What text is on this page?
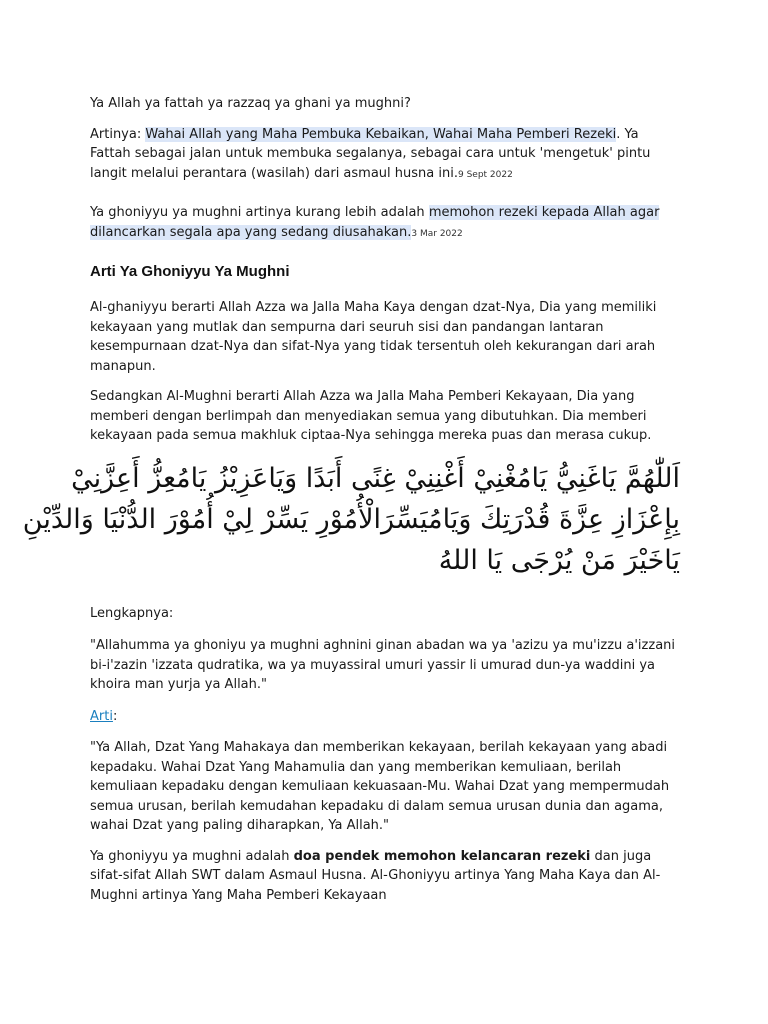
Ya Allah ya fattah ya razzaq ya ghani ya mughni?

Artinya: Wahai Allah yang Maha Pembuka Kebaikan, Wahai Maha Pemberi Rezeki. Ya Fattah sebagai jalan untuk membuka segalanya, sebagai cara untuk 'mengetuk' pintu langit melalui perantara (wasilah) dari asmaul husna ini.9 Sept 2022

Ya ghoniyyu ya mughni artinya kurang lebih adalah memohon rezeki kepada Allah agar dilancarkan segala apa yang sedang diusahakan.3 Mar 2022

Arti Ya Ghoniyyu Ya Mughni

Al-ghaniyyu berarti Allah Azza wa Jalla Maha Kaya dengan dzat-Nya, Dia yang memiliki kekayaan yang mutlak dan sempurna dari seuruh sisi dan pandangan lantaran kesempurnaan dzat-Nya dan sifat-Nya yang tidak tersentuh oleh kekurangan dari arah manapun.

Sedangkan Al-Mughni berarti Allah Azza wa Jalla Maha Pemberi Kekayaan, Dia yang memberi dengan berlimpah dan menyediakan semua yang dibutuhkan. Dia memberi kekayaan pada semua makhluk ciptaa-Nya sehingga mereka puas dan merasa cukup.

اَللّٰهُمَّ يَاغَنِيُّ يَامُغْنِيْ أَغْنِنِيْ غِنًى أَبَدًا وَيَاعَزِيْزُ يَامُعِزُّ أَعِزَّنِيْ
بِإِعْزَازِ عِزَّةَ قُدْرَتِكَ وَيَامُيَسِّرَالْأُمُوْرِ يَسِّرْ لِيْ أُمُوْرَ الدُّنْيَا وَالدِّيْنِ
يَاخَيْرَ مَنْ يُرْجَى يَا اللهُ

Lengkapnya:

"Allahumma ya ghoniyu ya mughni aghnini ginan abadan wa ya 'azizu ya mu'izzu a'izzani bi-i'zazin 'izzata qudratika, wa ya muyassiral umuri yassir li umurad dun-ya waddini ya khoira man yurja ya Allah."

Arti:

"Ya Allah, Dzat Yang Mahakaya dan memberikan kekayaan, berilah kekayaan yang abadi kepadaku. Wahai Dzat Yang Mahamulia dan yang memberikan kemuliaan, berilah kemuliaan kepadaku dengan kemuliaan kekuasaan-Mu. Wahai Dzat yang mempermudah semua urusan, berilah kemudahan kepadaku di dalam semua urusan dunia dan agama, wahai Dzat yang paling diharapkan, Ya Allah."

Ya ghoniyyu ya mughni adalah doa pendek memohon kelancaran rezeki dan juga sifat-sifat Allah SWT dalam Asmaul Husna. Al-Ghoniyyu artinya Yang Maha Kaya dan Al-Mughni artinya Yang Maha Pemberi Kekayaan
